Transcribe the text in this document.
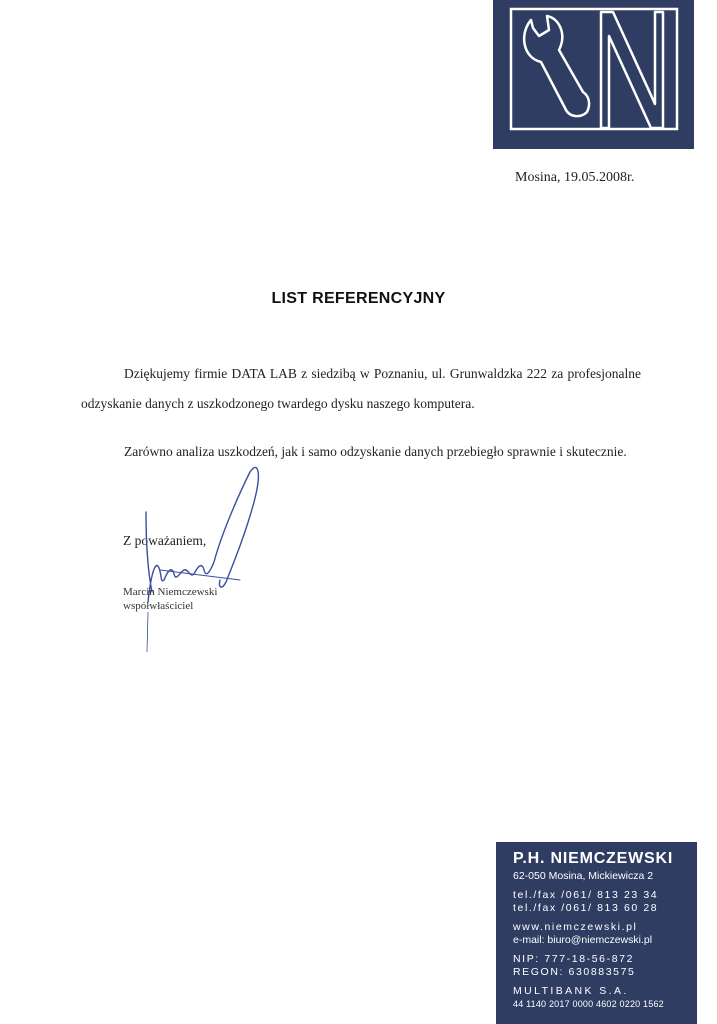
Mosina, 19.05.2008r.
LIST REFERENCYJNY

Dziękujemy firmie DATA LAB z siedzibą w Poznaniu, ul. Grunwaldzka 222 za profesjonalne odzyskanie danych z uszkodzonego twardego dysku naszego komputera.

Zarówno analiza uszkodzeń, jak i samo odzyskanie danych przebiegło sprawnie i skutecznie.

Z poważaniem,
Marcin Niemczewski
współwłaściciel
P.H. NIEMCZEWSKI
62-050 Mosina, Mickiewicza 2
tel./fax /061/ 813 23 34
tel./fax /061/ 813 60 28
www.niemczewski.pl
e-mail: biuro@niemczewski.pl
NIP: 777-18-56-872
REGON: 630883575
MULTIBANK S.A.
44 1140 2017 0000 4602 0220 1562
